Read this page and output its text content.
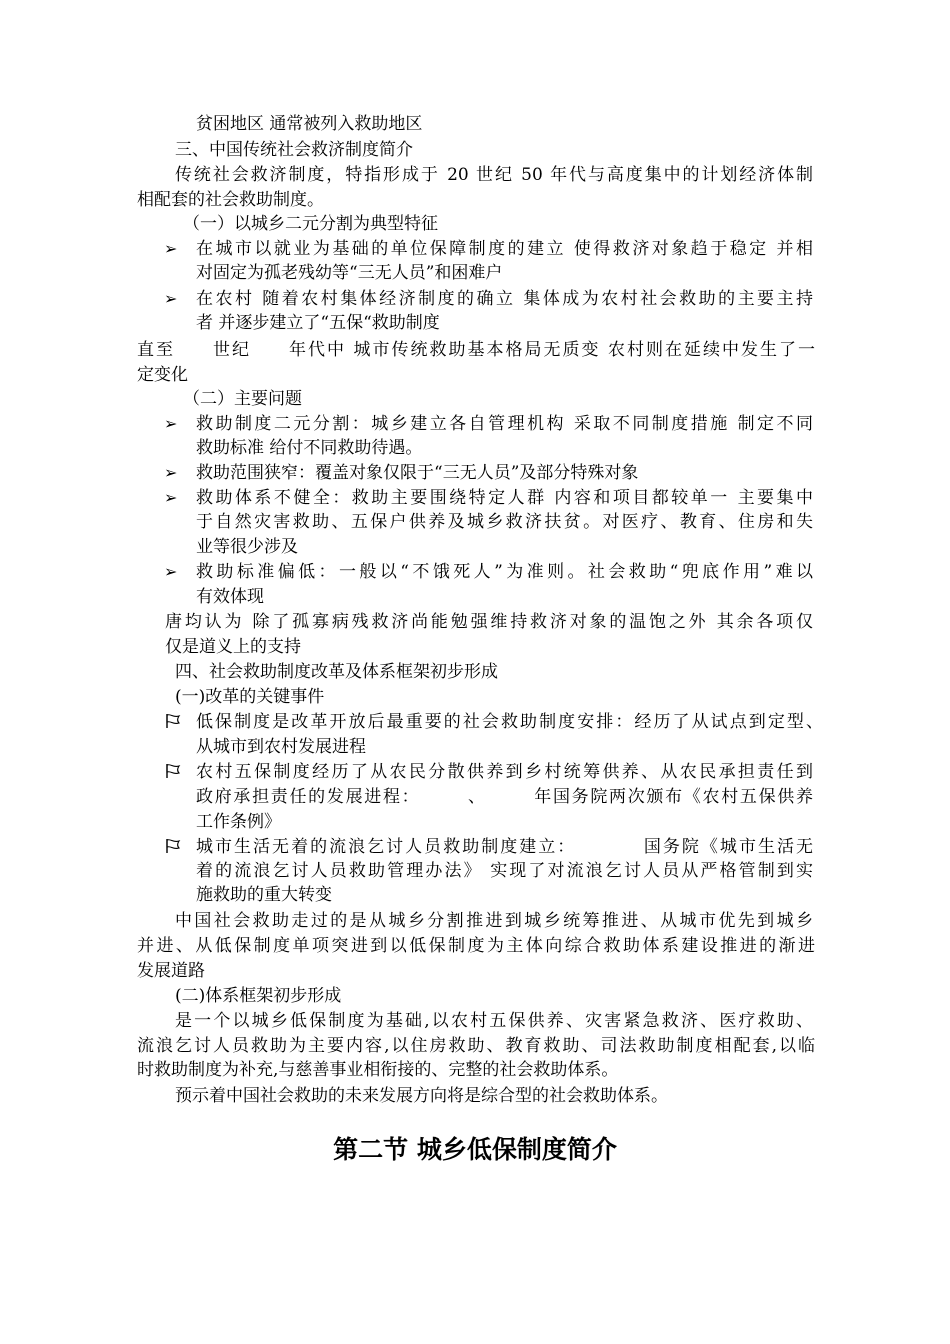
贫困地区 通常被列入救助地区
三、中国传统社会救济制度简介
传统社会救济制度，特指形成于 20 世纪 50 年代与高度集中的计划经济体制
相配套的社会救助制度。
（一）以城乡二元分割为典型特征
在城市以就业为基础的单位保障制度的建立 使得救济对象趋于稳定 并相
对固定为孤老残幼等“三无人员”和困难户
在农村 随着农村集体经济制度的确立 集体成为农村社会救助的主要主持
者 并逐步建立了“五保“救助制度
直至　　世纪　　年代中 城市传统救助基本格局无质变 农村则在延续中发生了一
定变化
（二）主要问题
救助制度二元分割：城乡建立各自管理机构 采取不同制度措施 制定不同
救助标准 给付不同救助待遇。
救助范围狭窄：覆盖对象仅限于“三无人员”及部分特殊对象
救助体系不健全：救助主要围绕特定人群 内容和项目都较单一 主要集中
于自然灾害救助、五保户供养及城乡救济扶贫。对医疗、教育、住房和失
业等很少涉及
救助标准偏低：一般以“不饿死人”为准则。社会救助“兜底作用”难以
有效体现
唐均认为 除了孤寡病残救济尚能勉强维持救济对象的温饱之外 其余各项仅
仅是道义上的支持
四、社会救助制度改革及体系框架初步形成
(一)改革的关键事件
低保制度是改革开放后最重要的社会救助制度安排：经历了从试点到定型、
从城市到农村发展进程
农村五保制度经历了从农民分散供养到乡村统筹供养、从农民承担责任到
政府承担责任的发展进程：　　　、　　　年国务院两次颁布《农村五保供养
工作条例》
城市生活无着的流浪乞讨人员救助制度建立：　　　　国务院《城市生活无
着的流浪乞讨人员救助管理办法》 实现了对流浪乞讨人员从严格管制到实
施救助的重大转变
中国社会救助走过的是从城乡分割推进到城乡统筹推进、从城市优先到城乡
并进、从低保制度单项突进到以低保制度为主体向综合救助体系建设推进的渐进
发展道路
(二)体系框架初步形成
是一个以城乡低保制度为基础,以农村五保供养、灾害紧急救济、医疗救助、
流浪乞讨人员救助为主要内容,以住房救助、教育救助、司法救助制度相配套,以临
时救助制度为补充,与慈善事业相衔接的、完整的社会救助体系。
预示着中国社会救助的未来发展方向将是综合型的社会救助体系。
➢
➢
➢
➢
➢
➢
第二节 城乡低保制度简介
